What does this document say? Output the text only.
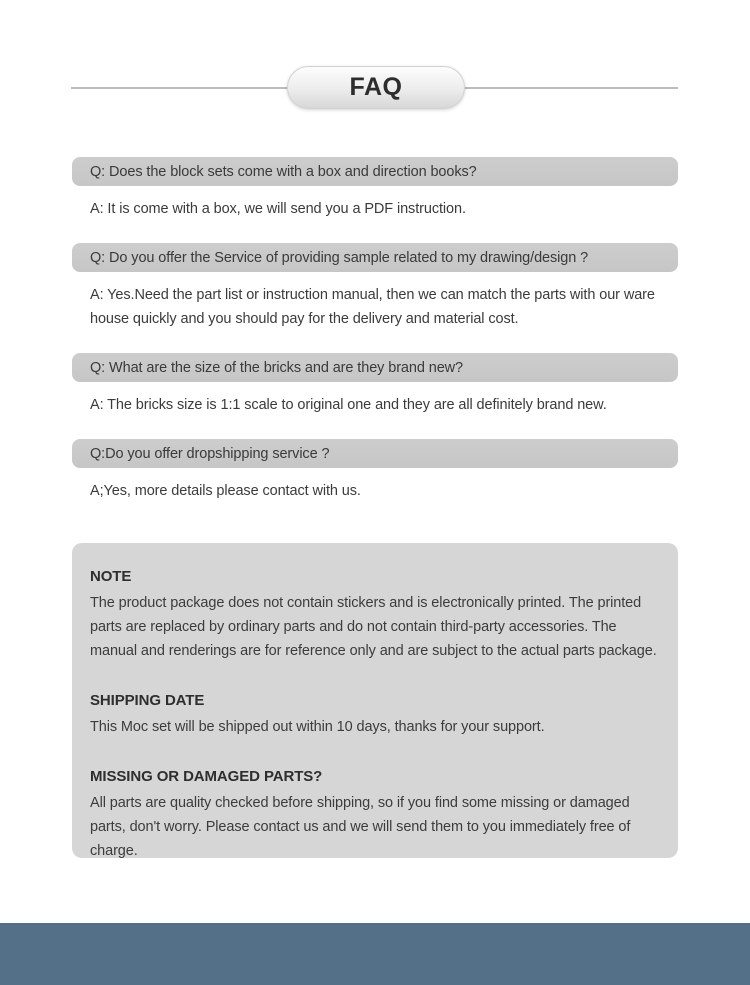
FAQ
Q: Does the block sets come with a box and direction books?

A: It is come with a box, we will send you a PDF instruction.

Q: Do you offer the Service of providing sample related to my drawing/design ?

A: Yes.Need the part list or instruction manual, then we can match the parts with our ware house quickly and you should pay for the delivery and material cost.

Q: What are the size of the bricks and are they brand new?

A: The bricks size is 1:1 scale to original one and they are all definitely brand new.

Q:Do you offer dropshipping service ?

A;Yes, more details please contact with us.

NOTE

The product package does not contain stickers and is electronically printed. The printed parts are replaced by ordinary parts and do not contain third-party accessories. The manual and renderings are for reference only and are subject to the actual parts package.

SHIPPING DATE

This Moc set will be shipped out within 10 days, thanks for your support.

MISSING OR DAMAGED PARTS?

All parts are quality checked before shipping, so if you find some missing or damaged parts, don't worry. Please contact us and we will send them to you immediately free of charge.
